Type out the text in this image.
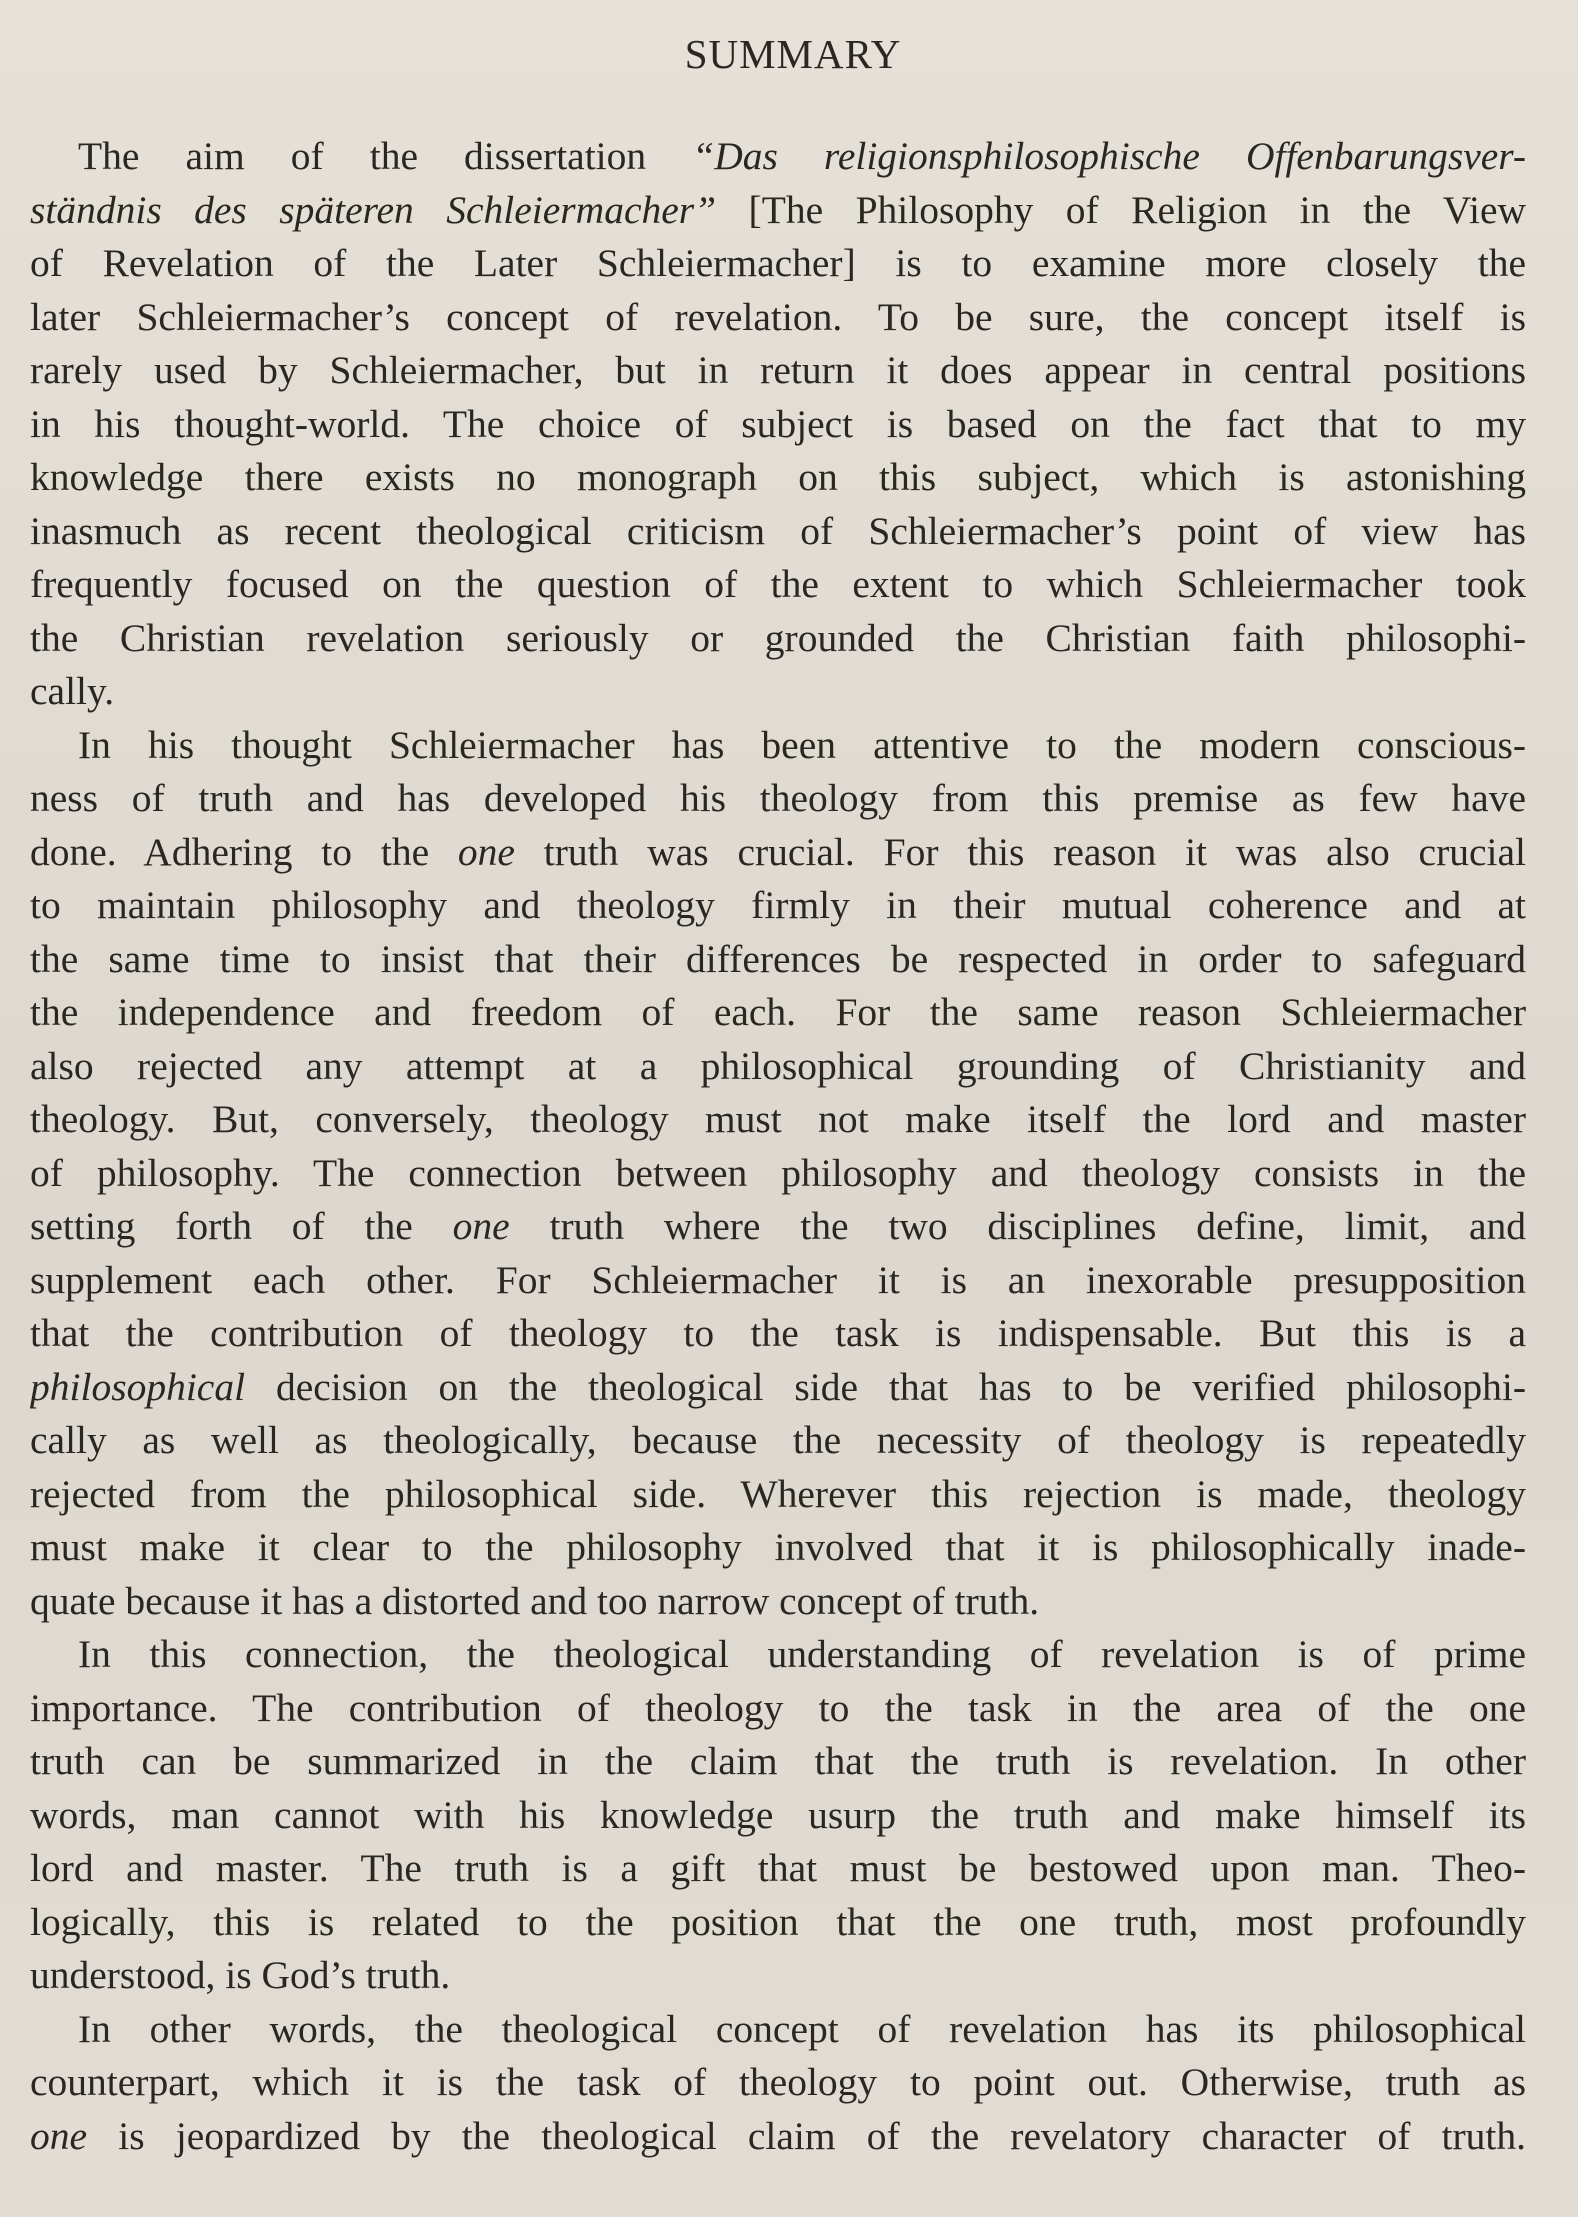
SUMMARY
The aim of the dissertation “Das religionsphilosophische Offenbarungsver-
ständnis des späteren Schleiermacher” [The Philosophy of Religion in the View
of Revelation of the Later Schleiermacher] is to examine more closely the
later Schleiermacher’s concept of revelation. To be sure, the concept itself is
rarely used by Schleiermacher, but in return it does appear in central positions
in his thought-world. The choice of subject is based on the fact that to my
knowledge there exists no monograph on this subject, which is astonishing
inasmuch as recent theological criticism of Schleiermacher’s point of view has
frequently focused on the question of the extent to which Schleiermacher took
the Christian revelation seriously or grounded the Christian faith philosophi-
cally.
In his thought Schleiermacher has been attentive to the modern conscious-
ness of truth and has developed his theology from this premise as few have
done. Adhering to the one truth was crucial. For this reason it was also crucial
to maintain philosophy and theology firmly in their mutual coherence and at
the same time to insist that their differences be respected in order to safeguard
the independence and freedom of each. For the same reason Schleiermacher
also rejected any attempt at a philosophical grounding of Christianity and
theology. But, conversely, theology must not make itself the lord and master
of philosophy. The connection between philosophy and theology consists in the
setting forth of the one truth where the two disciplines define, limit, and
supplement each other. For Schleiermacher it is an inexorable presupposition
that the contribution of theology to the task is indispensable. But this is a
philosophical decision on the theological side that has to be verified philosophi-
cally as well as theologically, because the necessity of theology is repeatedly
rejected from the philosophical side. Wherever this rejection is made, theology
must make it clear to the philosophy involved that it is philosophically inade-
quate because it has a distorted and too narrow concept of truth.
In this connection, the theological understanding of revelation is of prime
importance. The contribution of theology to the task in the area of the one
truth can be summarized in the claim that the truth is revelation. In other
words, man cannot with his knowledge usurp the truth and make himself its
lord and master. The truth is a gift that must be bestowed upon man. Theo-
logically, this is related to the position that the one truth, most profoundly
understood, is God’s truth.
In other words, the theological concept of revelation has its philosophical
counterpart, which it is the task of theology to point out. Otherwise, truth as
one is jeopardized by the theological claim of the revelatory character of truth.
